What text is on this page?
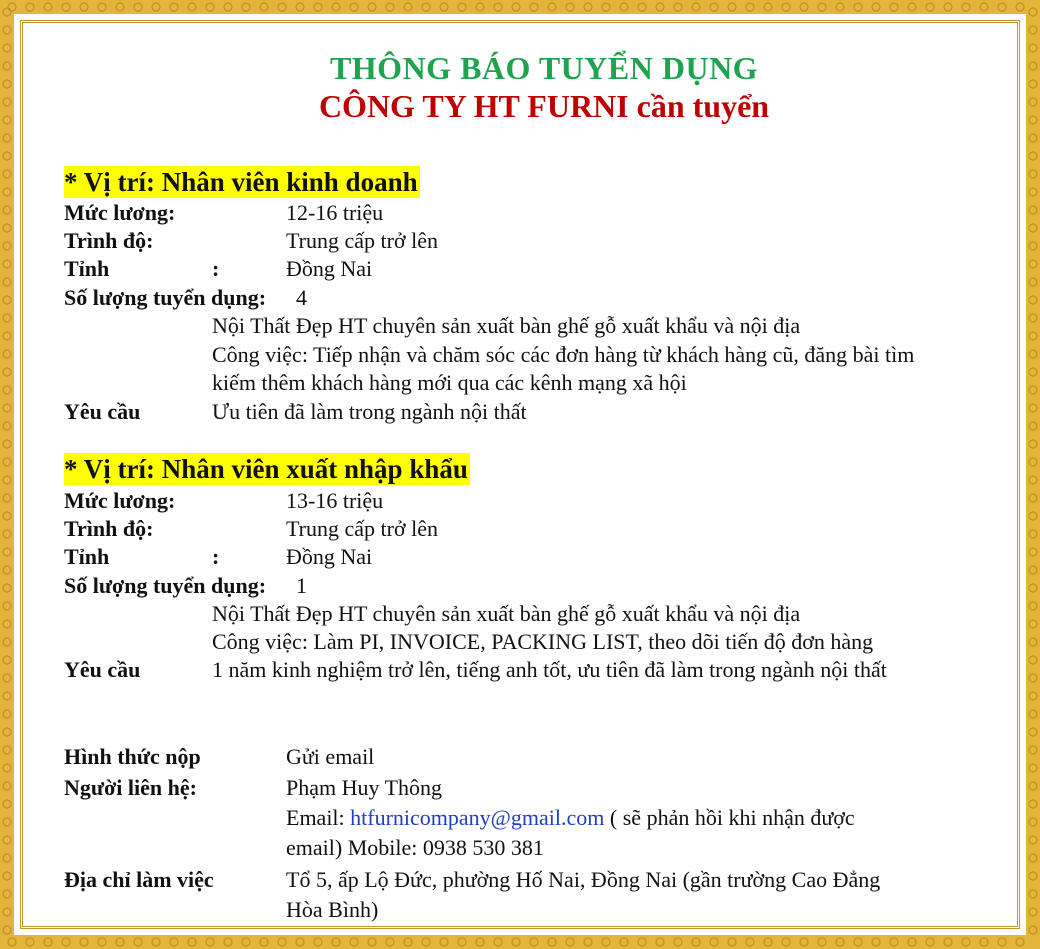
THÔNG BÁO TUYỂN DỤNG
CÔNG TY HT FURNI cần tuyển
* Vị trí: Nhân viên kinh doanh
Mức lương:	12-16 triệu
Trình độ:	Trung cấp trở lên
Tỉnh	:	Đồng Nai
Số lượng tuyển dụng: 4
Nội Thất Đẹp HT chuyên sản xuất bàn ghế gỗ xuất khẩu và nội địa
Công việc: Tiếp nhận và chăm sóc các đơn hàng từ khách hàng cũ, đăng bài tìm
kiếm thêm khách hàng mới qua các kênh mạng xã hội
Yêu cầu	Ưu tiên đã làm trong ngành nội thất
* Vị trí: Nhân viên xuất nhập khẩu
Mức lương:	13-16 triệu
Trình độ:	Trung cấp trở lên
Tỉnh	:	Đồng Nai
Số lượng tuyển dụng: 1
Nội Thất Đẹp HT chuyên sản xuất bàn ghế gỗ xuất khẩu và nội địa
Công việc: Làm PI, INVOICE, PACKING LIST, theo dõi tiến độ đơn hàng
Yêu cầu	1 năm kinh nghiệm trở lên, tiếng anh tốt, ưu tiên đã làm trong ngành nội thất
Hình thức nộp	Gửi email
Người liên hệ:	Phạm Huy Thông
Email: htfurnicompany@gmail.com ( sẽ phản hồi khi nhận được
email) Mobile: 0938 530 381
Địa chỉ làm việc	Tổ 5, ấp Lộ Đức, phường Hố Nai, Đồng Nai (gần trường Cao Đẳng
Hòa Bình)
